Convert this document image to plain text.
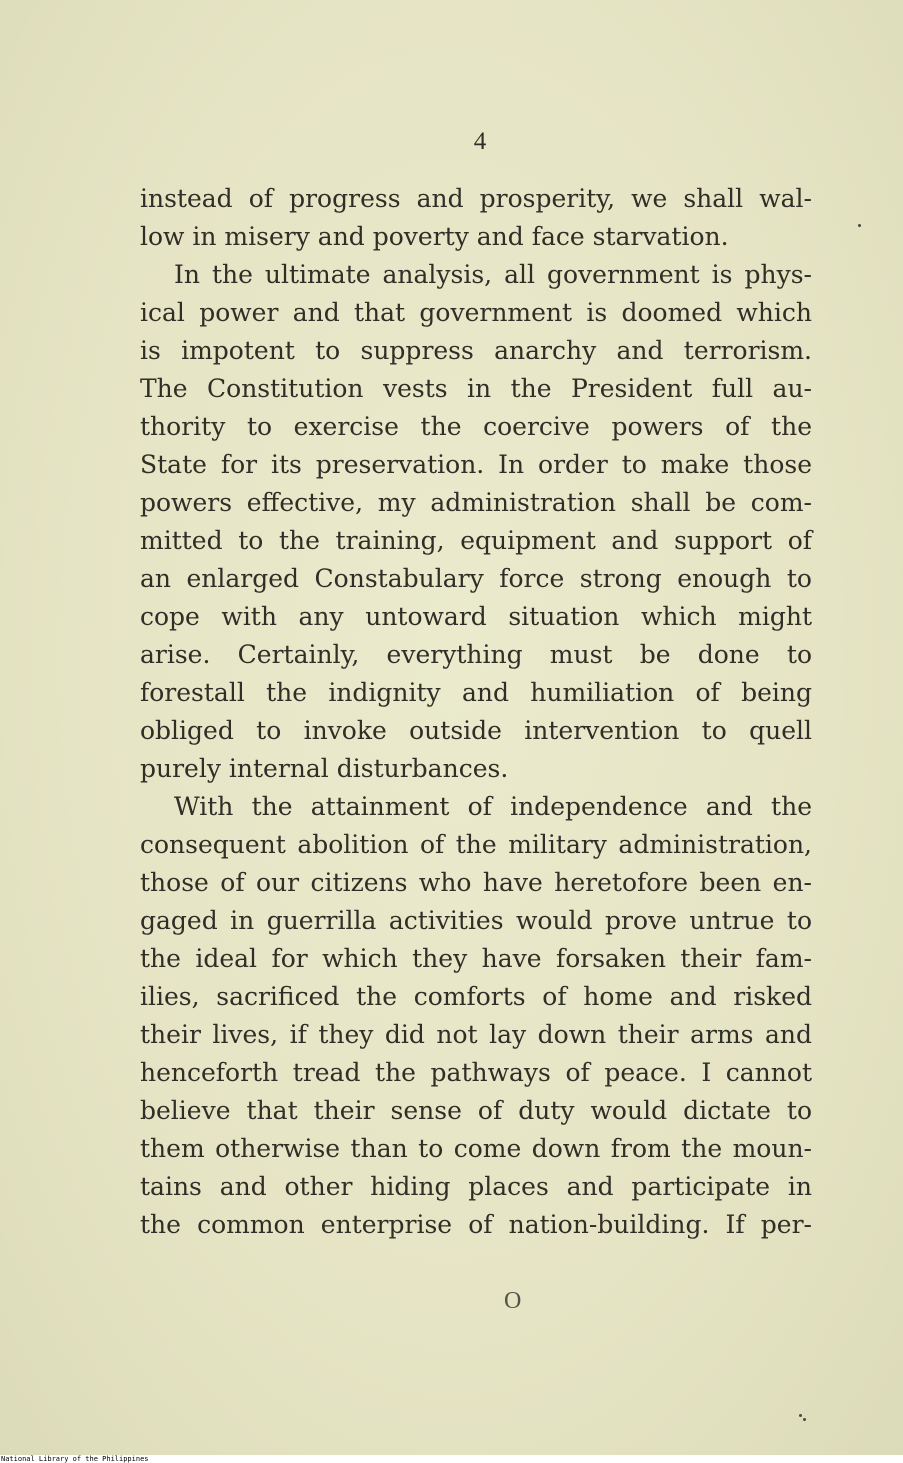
4
instead of progress and prosperity, we shall wal-
low in misery and poverty and face starvation.
In the ultimate analysis, all government is phys-
ical power and that government is doomed which
is impotent to suppress anarchy and terrorism.
The Constitution vests in the President full au-
thority to exercise the coercive powers of the
State for its preservation. In order to make those
powers effective, my administration shall be com-
mitted to the training, equipment and support of
an enlarged Constabulary force strong enough to
cope with any untoward situation which might
arise. Certainly, everything must be done to
forestall the indignity and humiliation of being
obliged to invoke outside intervention to quell
purely internal disturbances.
With the attainment of independence and the
consequent abolition of the military administration,
those of our citizens who have heretofore been en-
gaged in guerrilla activities would prove untrue to
the ideal for which they have forsaken their fam-
ilies, sacrificed the comforts of home and risked
their lives, if they did not lay down their arms and
henceforth tread the pathways of peace. I cannot
believe that their sense of duty would dictate to
them otherwise than to come down from the moun-
tains and other hiding places and participate in
the common enterprise of nation-building. If per-
O
National Library of the Philippines
